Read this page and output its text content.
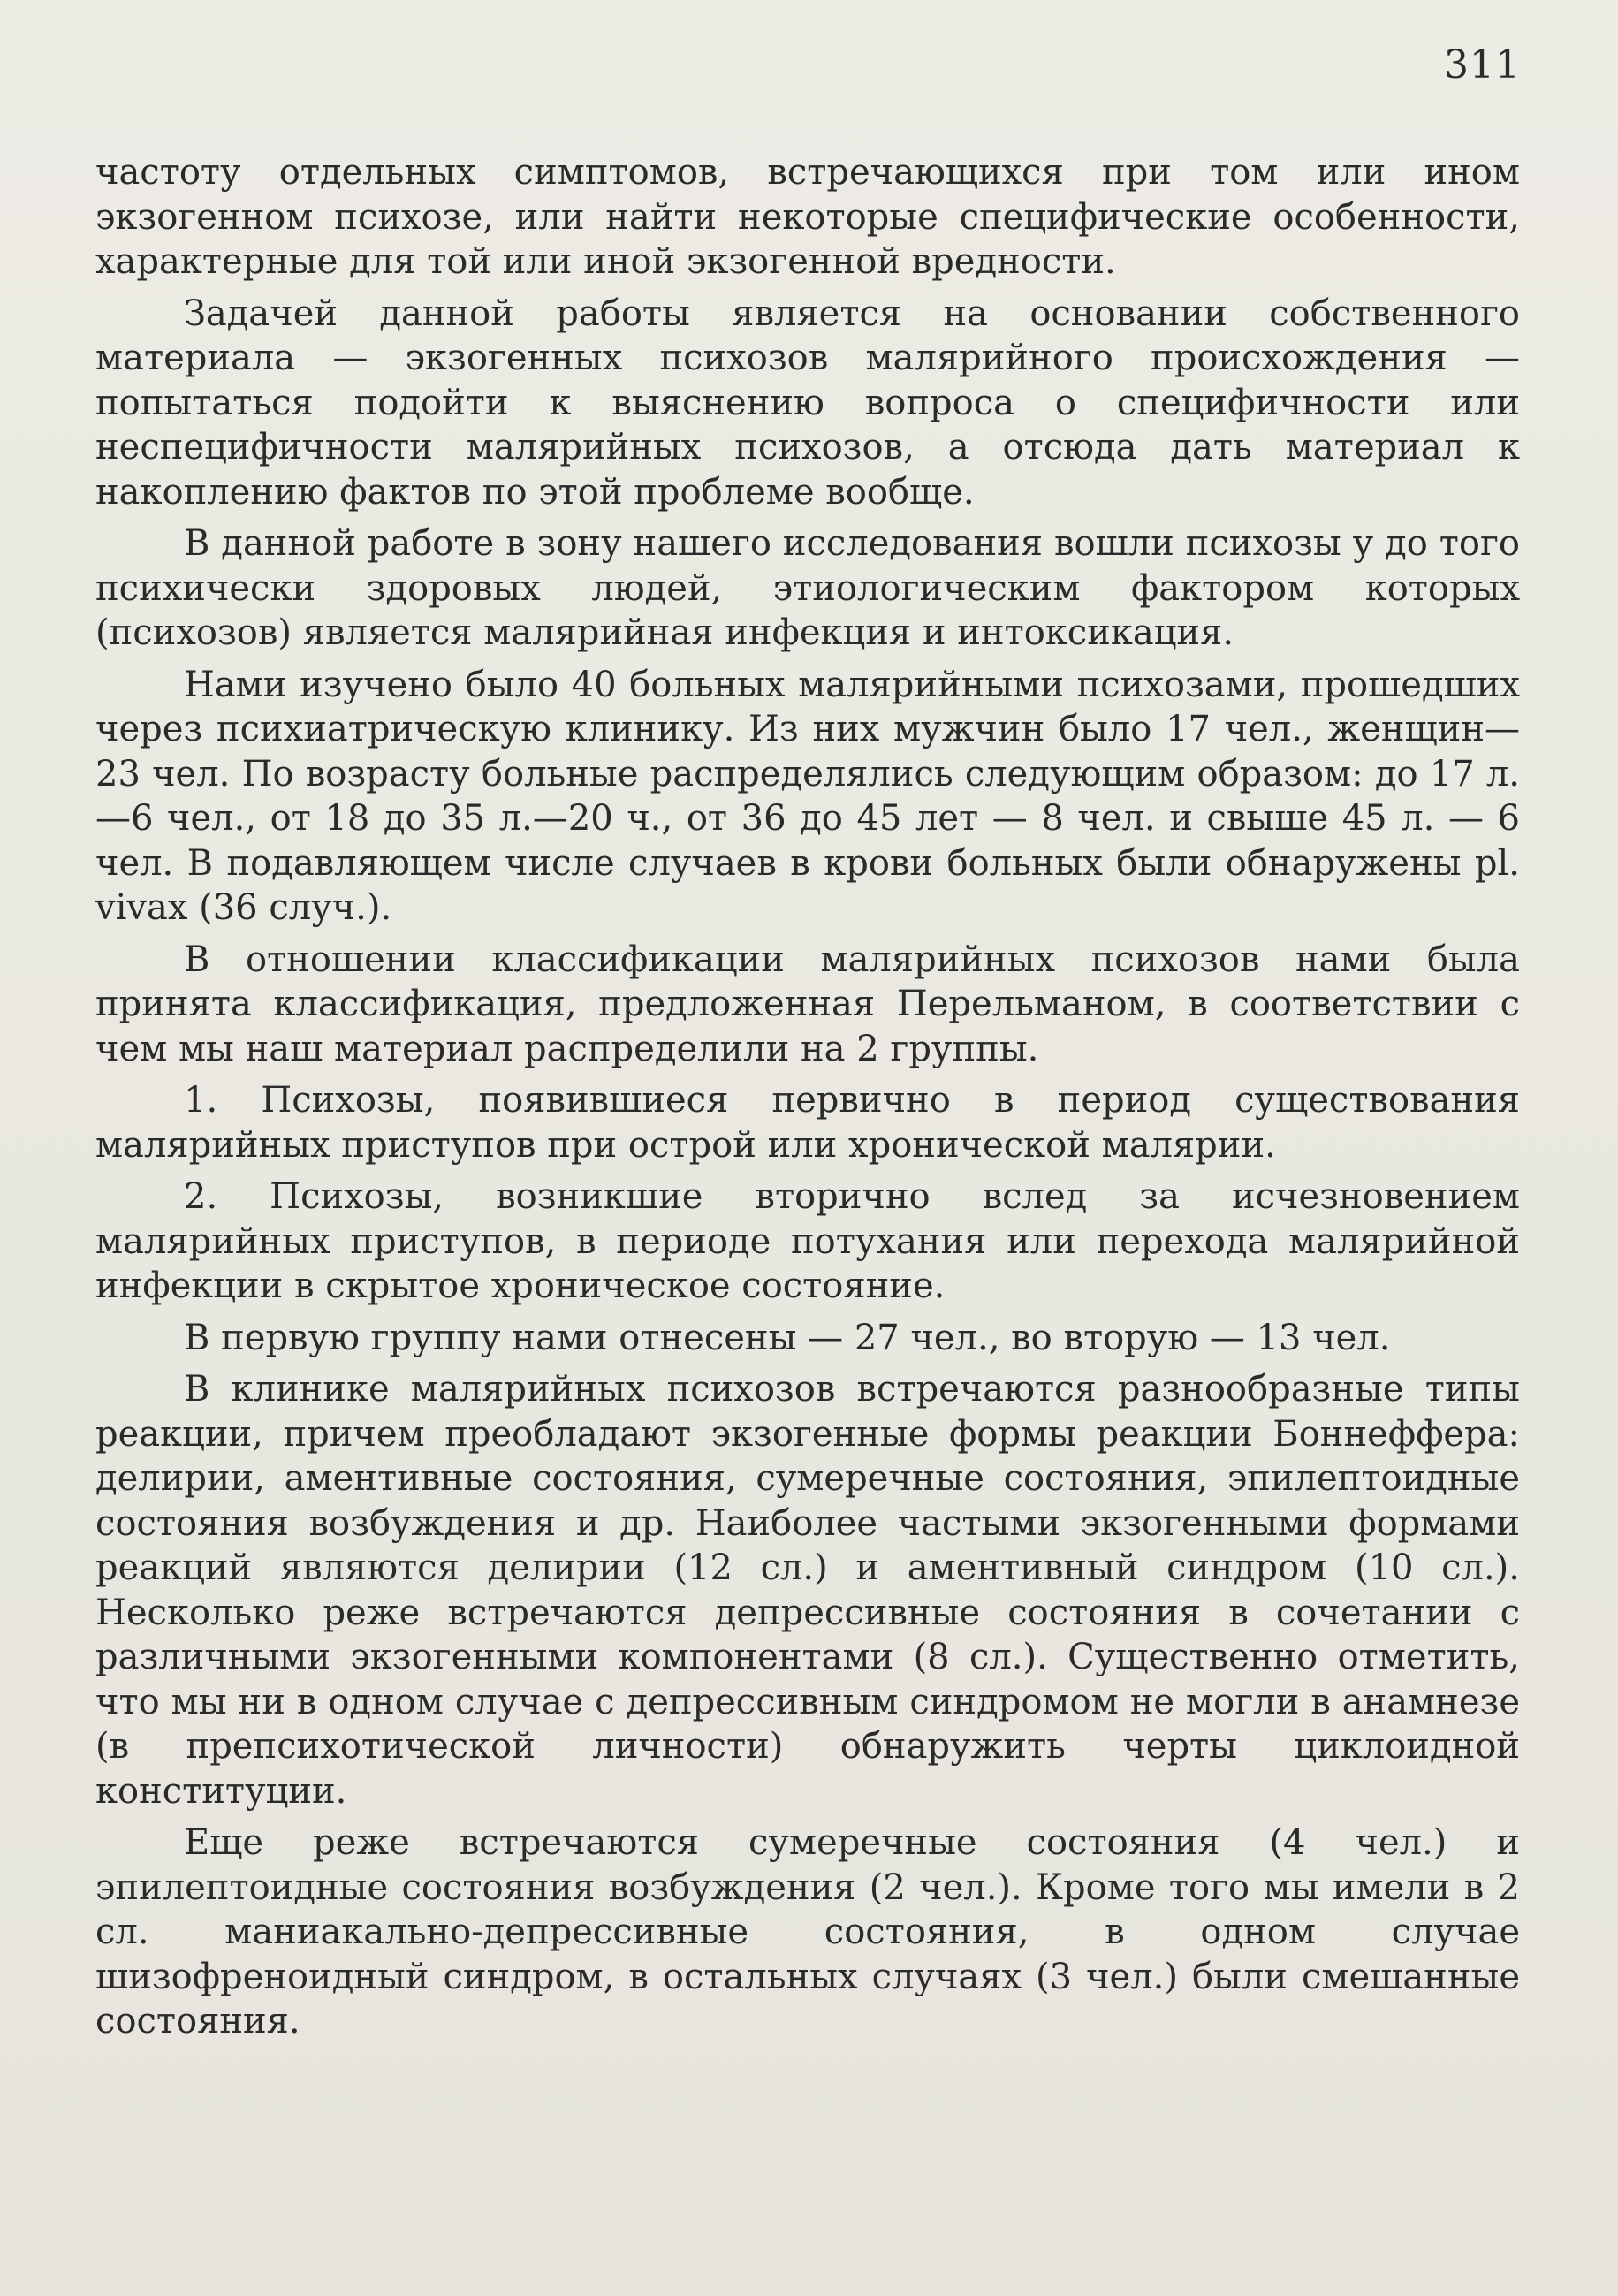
311

частоту отдельных симптомов, встречающихся при том или ином экзогенном психозе, или найти некоторые специфические особенности, характерные для той или иной экзогенной вредности.

Задачей данной работы является на основании собственного материала — экзогенных психозов малярийного происхождения — попытаться подойти к выяснению вопроса о специфичности или неспецифичности малярийных психозов, а отсюда дать материал к накоплению фактов по этой проблеме вообще.

В данной работе в зону нашего исследования вошли психозы у до того психически здоровых людей, этиологическим фактором которых (психозов) является малярийная инфекция и интоксикация.

Нами изучено было 40 больных малярийными психозами, прошедших через психиатрическую клинику. Из них мужчин было 17 чел., женщин—23 чел. По возрасту больные распределялись следующим образом: до 17 л.—6 чел., от 18 до 35 л.—20 ч., от 36 до 45 лет — 8 чел. и свыше 45 л. — 6 чел. В подавляющем числе случаев в крови больных были обнаружены pl. vivax (36 случ.).

В отношении классификации малярийных психозов нами была принята классификация, предложенная Перельманом, в соответствии с чем мы наш материал распределили на 2 группы.

1. Психозы, появившиеся первично в период существования малярийных приступов при острой или хронической малярии.

2. Психозы, возникшие вторично вслед за исчезновением малярийных приступов, в периоде потухания или перехода малярийной инфекции в скрытое хроническое состояние.

В первую группу нами отнесены — 27 чел., во вторую — 13 чел.

В клинике малярийных психозов встречаются разнообразные типы реакции, причем преобладают экзогенные формы реакции Боннеффера: делирии, аментивные состояния, сумеречные состояния, эпилептоидные состояния возбуждения и др. Наиболее частыми экзогенными формами реакций являются делирии (12 сл.) и аментивный синдром (10 сл.). Несколько реже встречаются депрессивные состояния в сочетании с различными экзогенными компонентами (8 сл.). Существенно отметить, что мы ни в одном случае с депрессивным синдромом не могли в анамнезе (в препсихотической личности) обнаружить черты циклоидной конституции.

Еще реже встречаются сумеречные состояния (4 чел.) и эпилептоидные состояния возбуждения (2 чел.). Кроме того мы имели в 2 сл. маниакально-депрессивные состояния, в одном случае шизофреноидный синдром, в остальных случаях (3 чел.) были смешанные состояния.
